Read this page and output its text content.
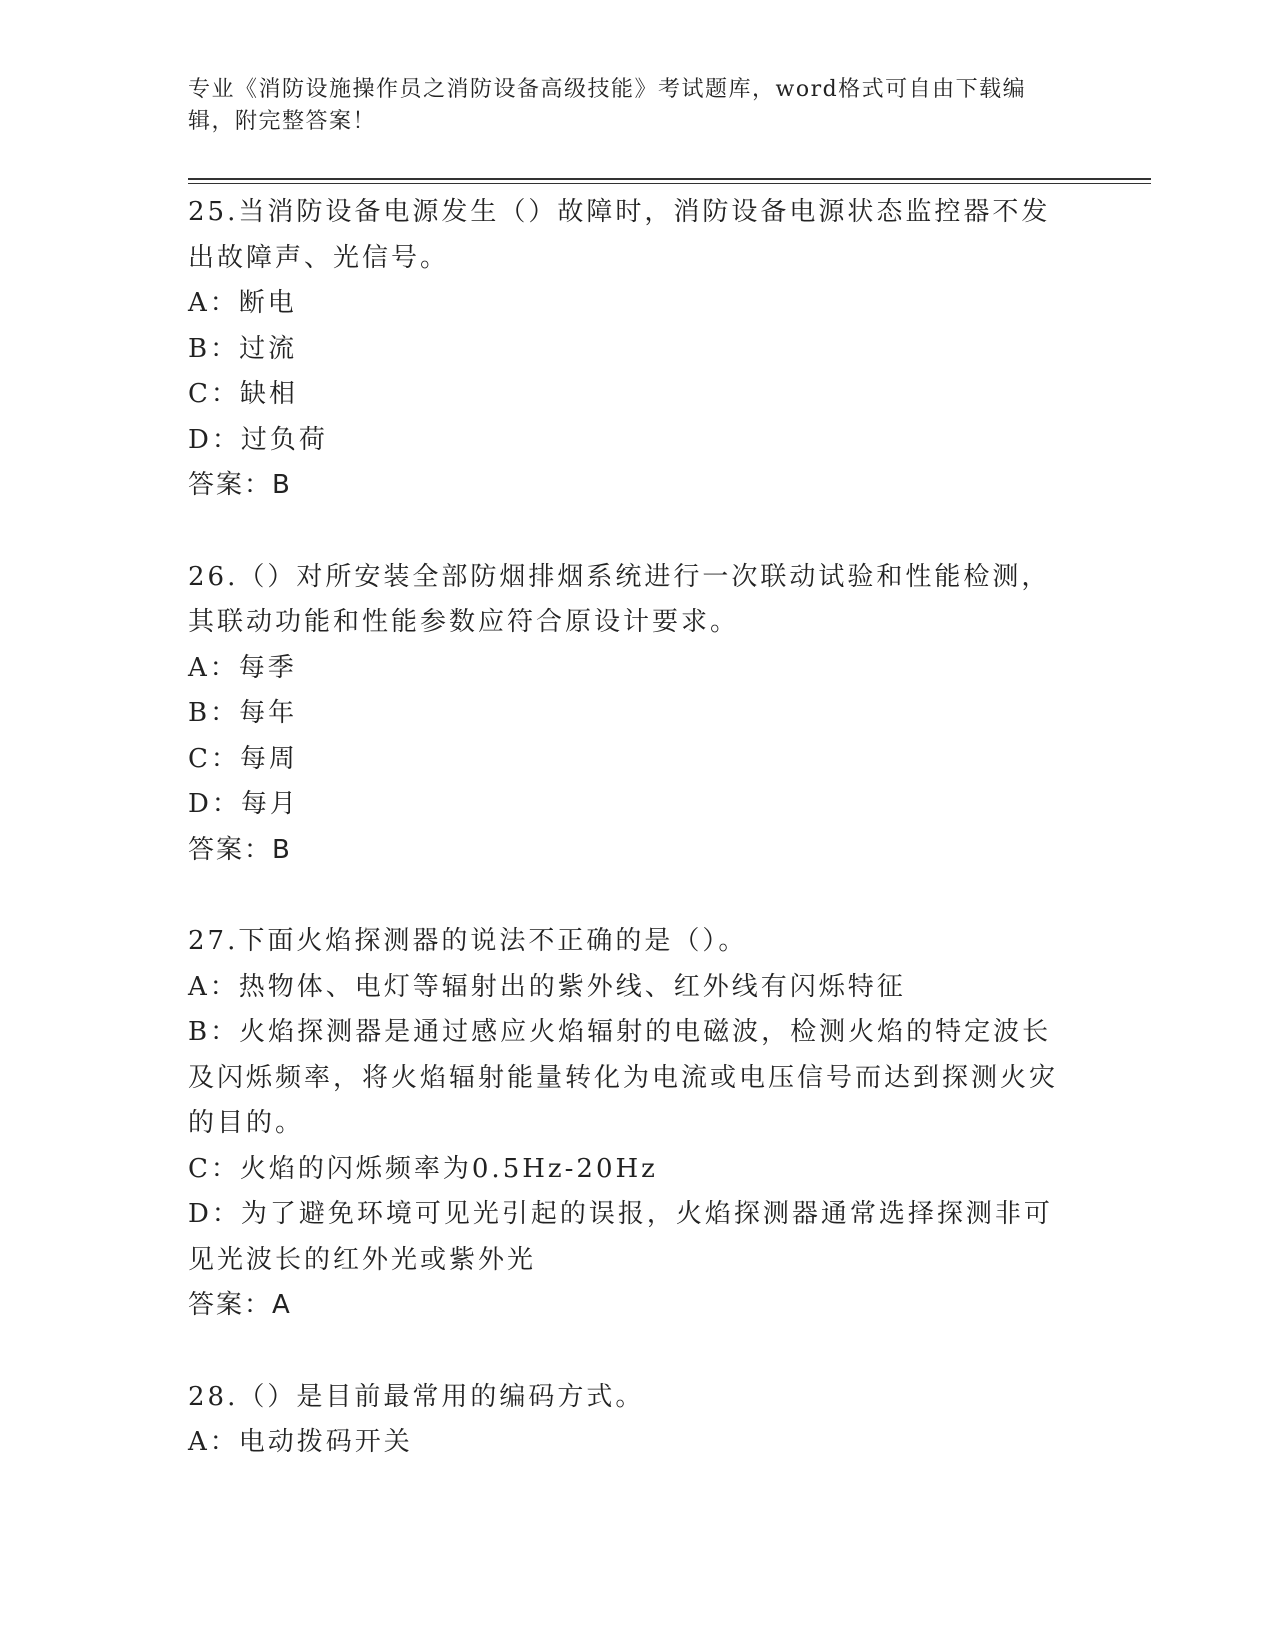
专业《消防设施操作员之消防设备高级技能》考试题库，word格式可自由下载编辑，附完整答案！

25.当消防设备电源发生（）故障时，消防设备电源状态监控器不发出故障声、光信号。

A：断电

B：过流

C：缺相

D：过负荷

答案：B

26.（）对所安装全部防烟排烟系统进行一次联动试验和性能检测，其联动功能和性能参数应符合原设计要求。

A：每季

B：每年

C：每周

D：每月

答案：B

27.下面火焰探测器的说法不正确的是（）。

A：热物体、电灯等辐射出的紫外线、红外线有闪烁特征

B：火焰探测器是通过感应火焰辐射的电磁波，检测火焰的特定波长及闪烁频率，将火焰辐射能量转化为电流或电压信号而达到探测火灾的目的。

C：火焰的闪烁频率为0.5Hz-20Hz

D：为了避免环境可见光引起的误报，火焰探测器通常选择探测非可见光波长的红外光或紫外光

答案：A

28.（）是目前最常用的编码方式。

A：电动拨码开关
